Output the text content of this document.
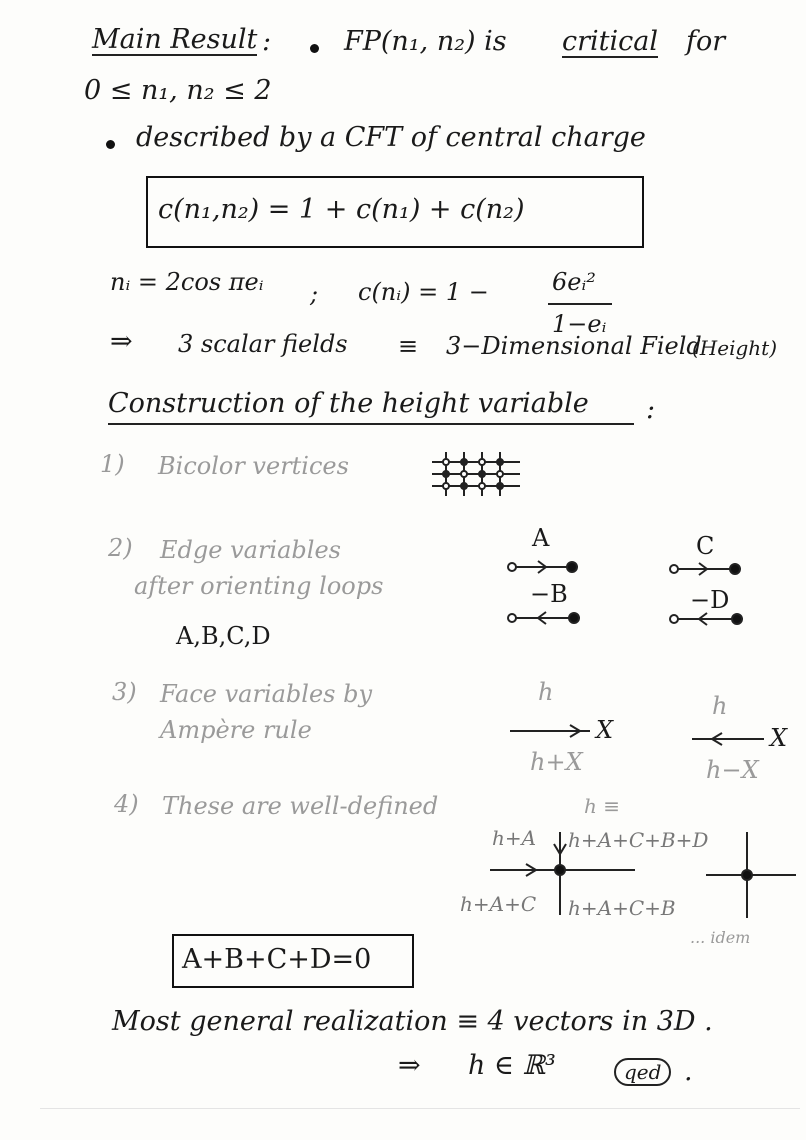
Main Result :	FP(n₁, n₂) is critical for
0 ≤ n₁, n₂ ≤ 2
described by a CFT of central charge
c(n₁,n₂) = 1 + c(n₁) + c(n₂)
nᵢ = 2cos πeᵢ ; c(nᵢ) = 1 −	6eᵢ²
1−eᵢ
⇒ 3 scalar fields ≡ 3−Dimensional Field
(Height)
Construction of the height variable :
1) Bicolor vertices
2) Edge variables
after orienting loops
A,B,C,D
A
−B
C
−D
3) Face variables by
Ampère rule
h
X
h+X
h
X
h−X
4) These are well-defined	h ≡
h+A h+A+C+B+D
h+A+C h+A+C+B
... idem
A+B+C+D=0
Most general realization ≡ 4 vectors in 3D .
⇒ h ∈ ℝ³	qed .
